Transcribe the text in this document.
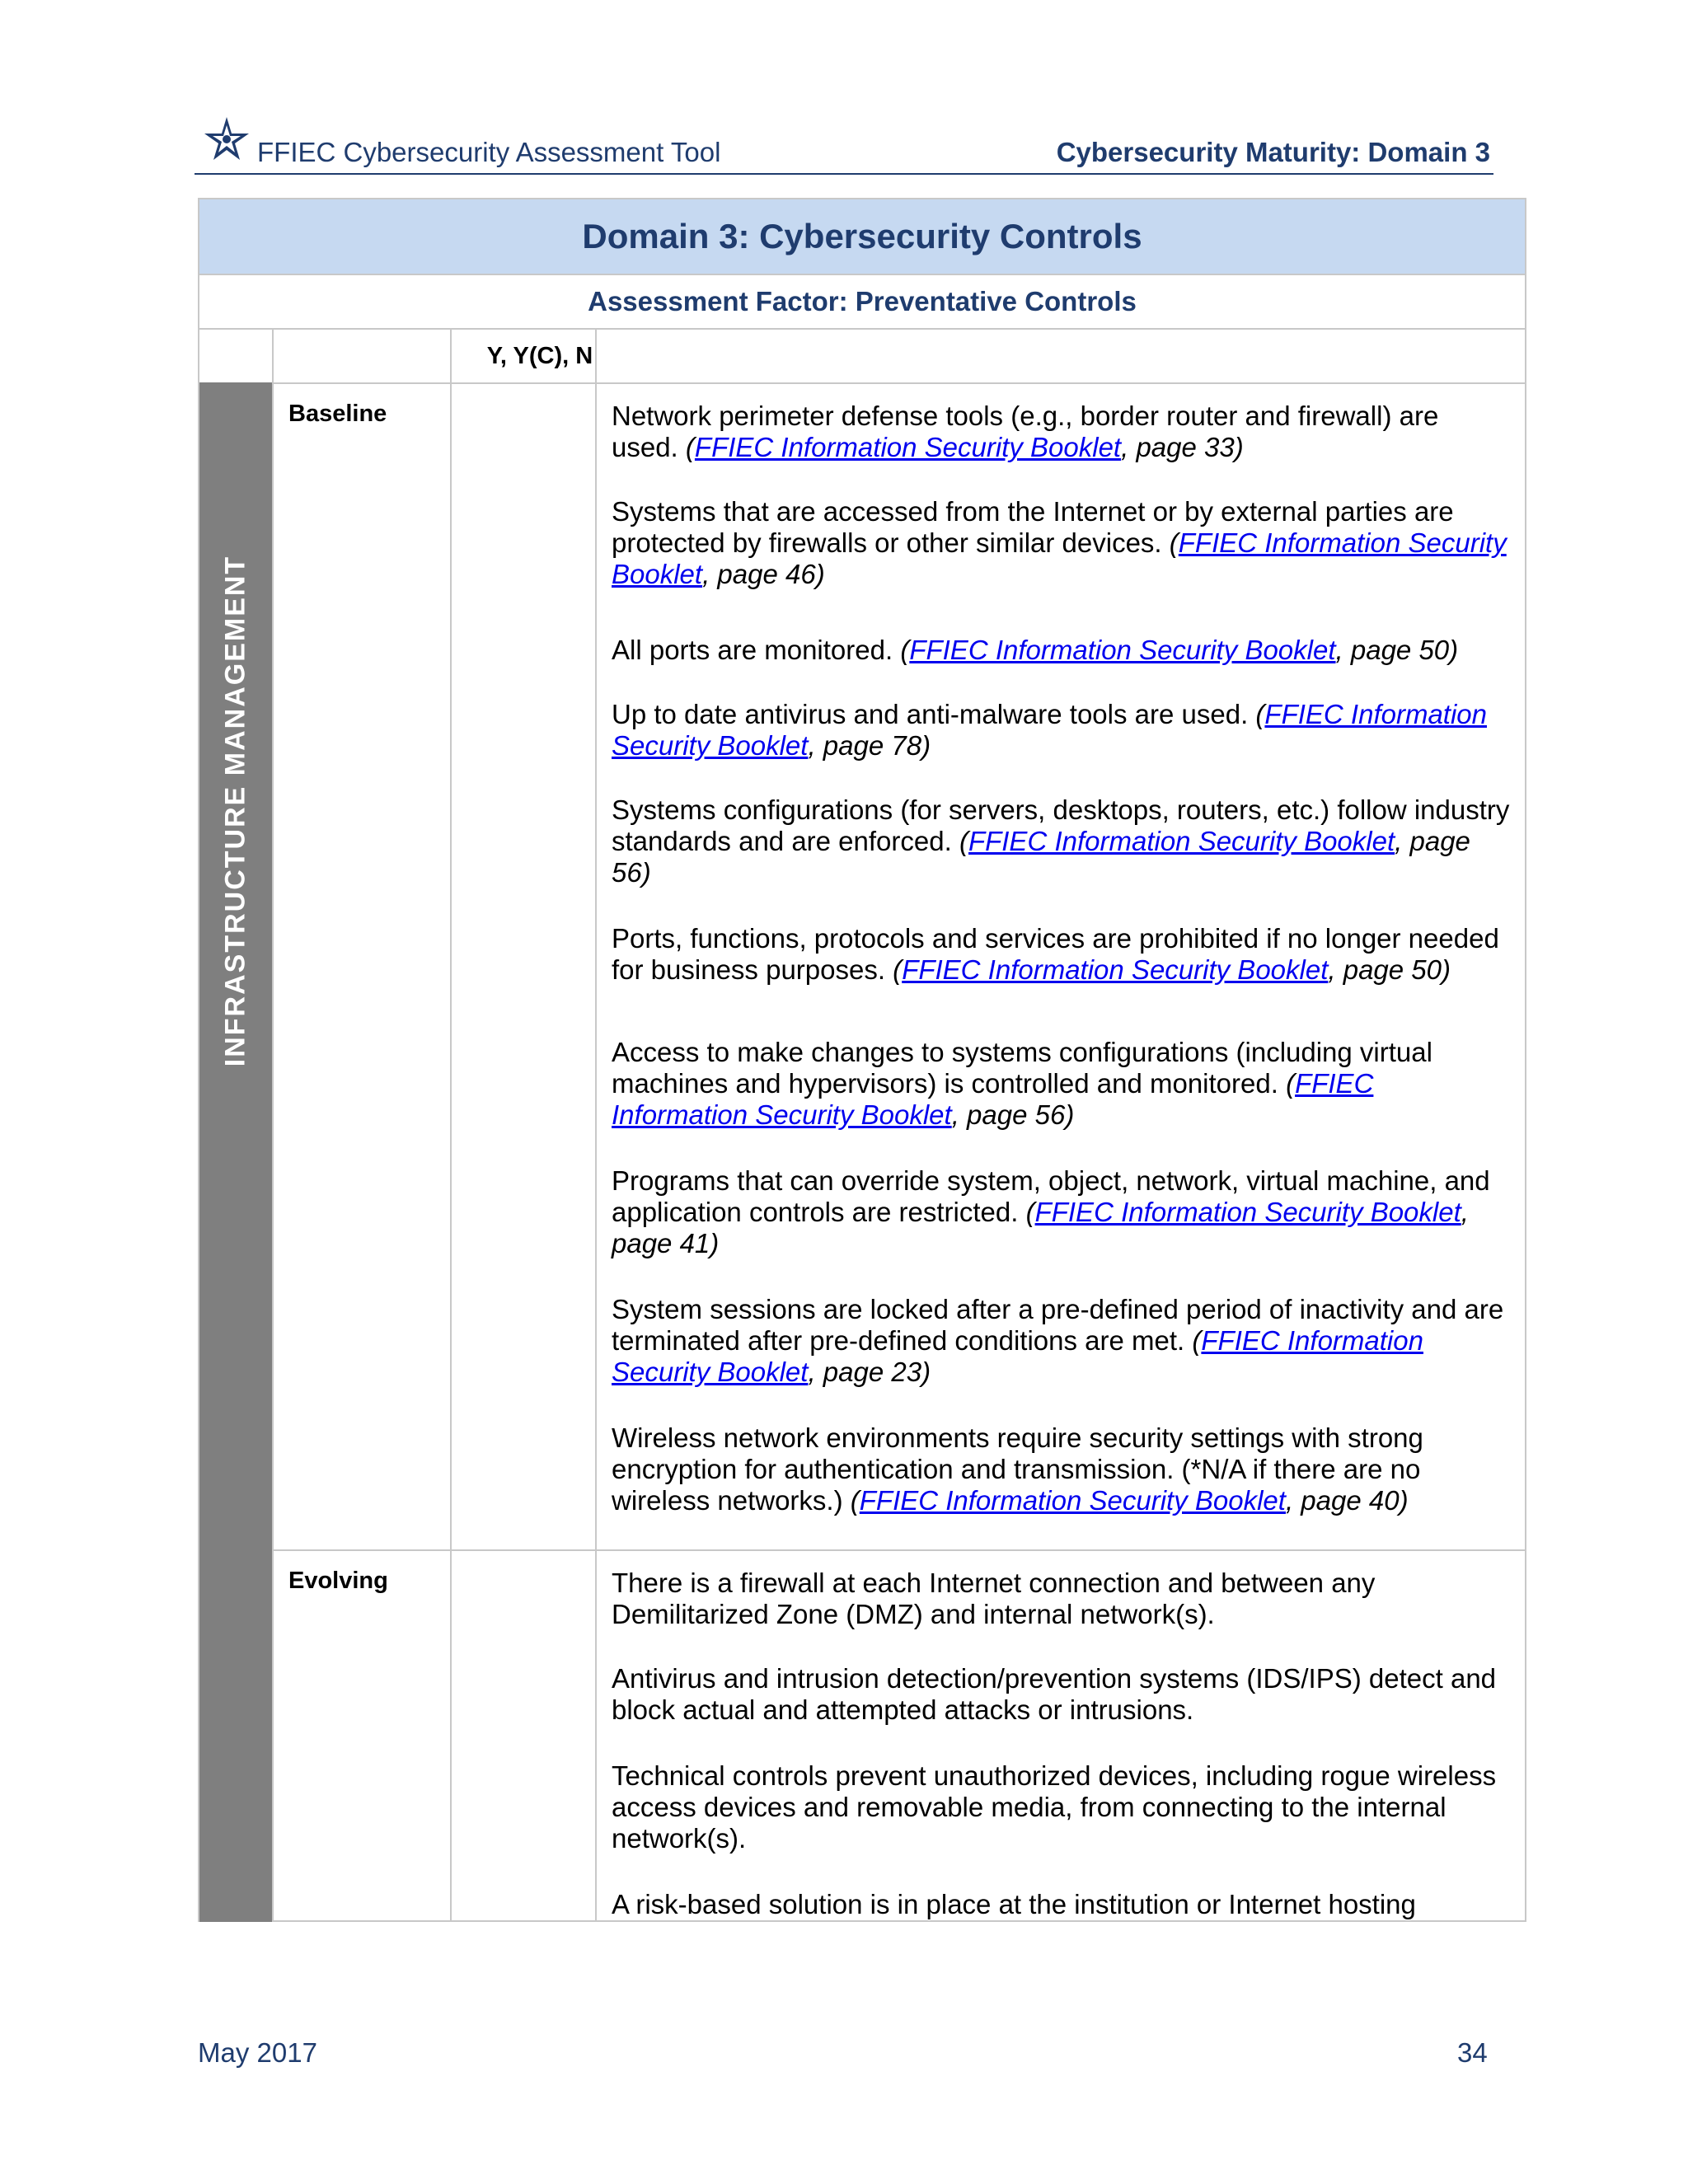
FFIEC Cybersecurity Assessment Tool	Cybersecurity Maturity: Domain 3
Domain 3: Cybersecurity Controls
Assessment Factor: Preventative Controls
Y, Y(C), N
INFRASTRUCTURE MANAGEMENT
Baseline
Evolving
Network perimeter defense tools (e.g., border router and firewall) are used. (FFIEC Information Security Booklet, page 33)
Systems that are accessed from the Internet or by external parties are protected by firewalls or other similar devices. (FFIEC Information Security Booklet, page 46)
All ports are monitored. (FFIEC Information Security Booklet, page 50)
Up to date antivirus and anti-malware tools are used. (FFIEC Information Security Booklet, page 78)
Systems configurations (for servers, desktops, routers, etc.) follow industry standards and are enforced. (FFIEC Information Security Booklet, page 56)
Ports, functions, protocols and services are prohibited if no longer needed for business purposes. (FFIEC Information Security Booklet, page 50)
Access to make changes to systems configurations (including virtual machines and hypervisors) is controlled and monitored. (FFIEC Information Security Booklet, page 56)
Programs that can override system, object, network, virtual machine, and application controls are restricted. (FFIEC Information Security Booklet, page 41)
System sessions are locked after a pre-defined period of inactivity and are terminated after pre-defined conditions are met. (FFIEC Information Security Booklet, page 23)
Wireless network environments require security settings with strong encryption for authentication and transmission. (*N/A if there are no wireless networks.) (FFIEC Information Security Booklet, page 40)
There is a firewall at each Internet connection and between any Demilitarized Zone (DMZ) and internal network(s).
Antivirus and intrusion detection/prevention systems (IDS/IPS) detect and block actual and attempted attacks or intrusions.
Technical controls prevent unauthorized devices, including rogue wireless access devices and removable media, from connecting to the internal network(s).
A risk-based solution is in place at the institution or Internet hosting
May 2017	34
